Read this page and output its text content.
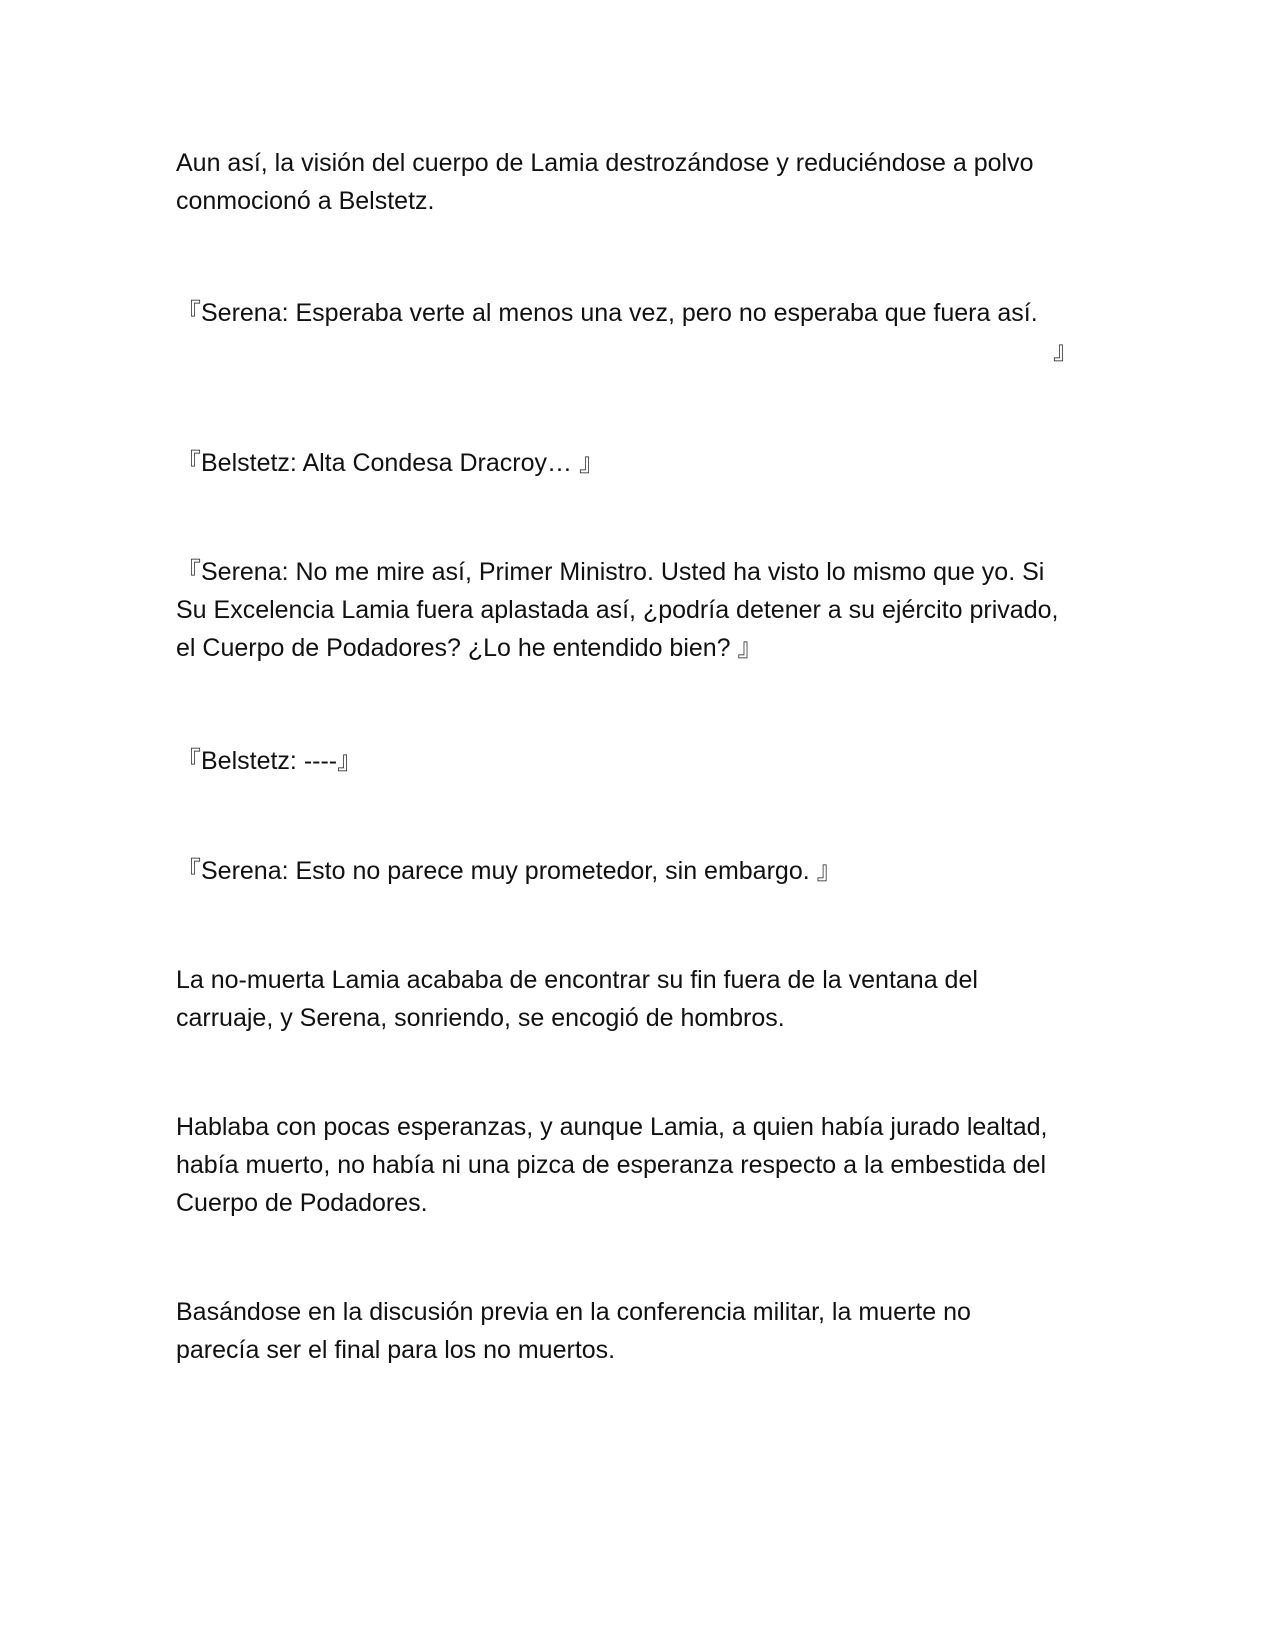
Aun así, la visión del cuerpo de Lamia destrozándose y reduciéndose a polvo
conmocionó a Belstetz.

『Serena: Esperaba verte al menos una vez, pero no esperaba que fuera así.
』

『Belstetz: Alta Condesa Dracroy… 』

『Serena: No me mire así, Primer Ministro. Usted ha visto lo mismo que yo. Si
Su Excelencia Lamia fuera aplastada así, ¿podría detener a su ejército privado,
el Cuerpo de Podadores? ¿Lo he entendido bien? 』

『Belstetz: ----』

『Serena: Esto no parece muy prometedor, sin embargo. 』

La no-muerta Lamia acababa de encontrar su fin fuera de la ventana del
carruaje, y Serena, sonriendo, se encogió de hombros.

Hablaba con pocas esperanzas, y aunque Lamia, a quien había jurado lealtad,
había muerto, no había ni una pizca de esperanza respecto a la embestida del
Cuerpo de Podadores.

Basándose en la discusión previa en la conferencia militar, la muerte no
parecía ser el final para los no muertos.
